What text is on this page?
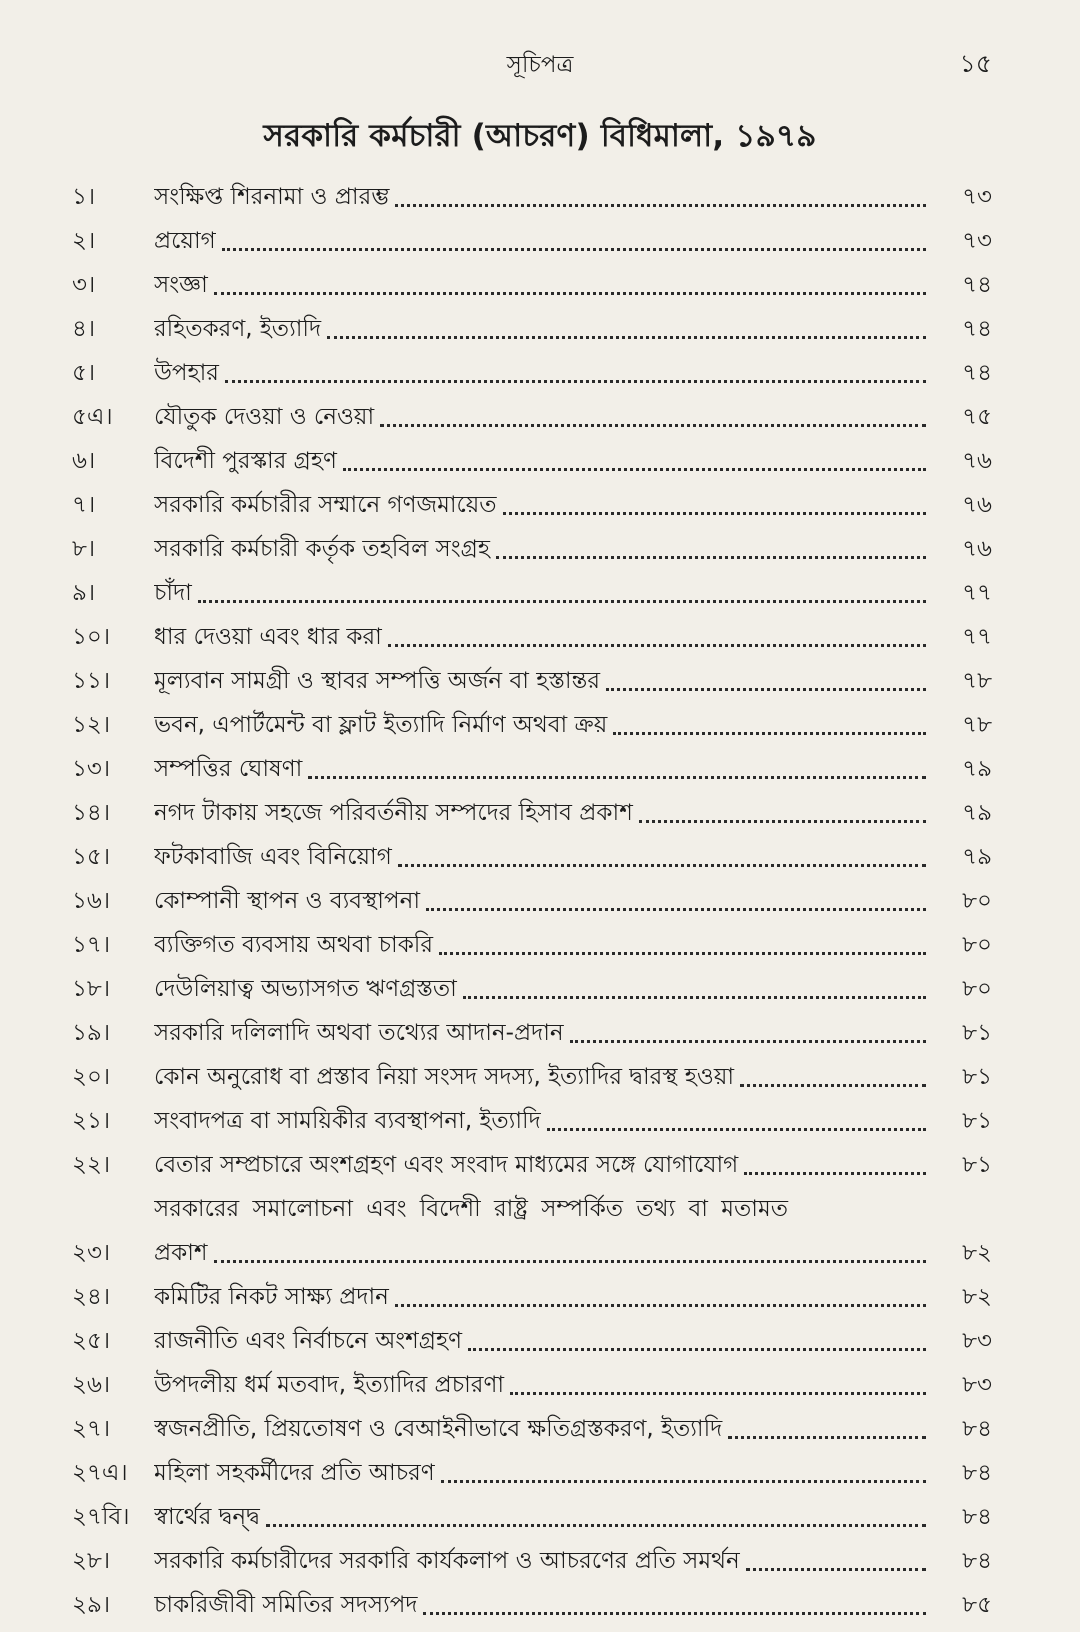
সূচিপত্র	১৫
সরকারি কর্মচারী (আচরণ) বিধিমালা, ১৯৭৯
১।	সংক্ষিপ্ত শিরনামা ও প্রারম্ভ	৭৩
২।	প্রয়োগ	৭৩
৩।	সংজ্ঞা	৭৪
৪।	রহিতকরণ, ইত্যাদি	৭৪
৫।	উপহার	৭৪
৫এ।	যৌতুক দেওয়া ও নেওয়া	৭৫
৬।	বিদেশী পুরস্কার গ্রহণ	৭৬
৭।	সরকারি কর্মচারীর সম্মানে গণজমায়েত	৭৬
৮।	সরকারি কর্মচারী কর্তৃক তহবিল সংগ্রহ	৭৬
৯।	চাঁদা	৭৭
১০।	ধার দেওয়া এবং ধার করা	৭৭
১১।	মূল্যবান সামগ্রী ও স্থাবর সম্পত্তি অর্জন বা হস্তান্তর	৭৮
১২।	ভবন, এপার্টমেন্ট বা ফ্লাট ইত্যাদি নির্মাণ অথবা ক্রয়	৭৮
১৩।	সম্পত্তির ঘোষণা	৭৯
১৪।	নগদ টাকায় সহজে পরিবর্তনীয় সম্পদের হিসাব প্রকাশ	৭৯
১৫।	ফটকাবাজি এবং বিনিয়োগ	৭৯
১৬।	কোম্পানী স্থাপন ও ব্যবস্থাপনা	৮০
১৭।	ব্যক্তিগত ব্যবসায় অথবা চাকরি	৮০
১৮।	দেউলিয়াত্ব অভ্যাসগত ঋণগ্রস্ততা	৮০
১৯।	সরকারি দলিলাদি অথবা তথ্যের আদান-প্রদান	৮১
২০।	কোন অনুরোধ বা প্রস্তাব নিয়া সংসদ সদস্য, ইত্যাদির দ্বারস্থ হওয়া	৮১
২১।	সংবাদপত্র বা সাময়িকীর ব্যবস্থাপনা, ইত্যাদি	৮১
২২।	বেতার সম্প্রচারে অংশগ্রহণ এবং সংবাদ মাধ্যমের সঙ্গে যোগাযোগ	৮১
২৩।
সরকারের সমালোচনা এবং বিদেশী রাষ্ট্র সম্পর্কিত তথ্য বা মতামত
প্রকাশ	৮২
২৪।	কমিটির নিকট সাক্ষ্য প্রদান	৮২
২৫।	রাজনীতি এবং নির্বাচনে অংশগ্রহণ	৮৩
২৬।	উপদলীয় ধর্ম মতবাদ, ইত্যাদির প্রচারণা	৮৩
২৭।	স্বজনপ্রীতি, প্রিয়তোষণ ও বেআইনীভাবে ক্ষতিগ্রস্তকরণ, ইত্যাদি	৮৪
২৭এ।	মহিলা সহকর্মীদের প্রতি আচরণ	৮৪
২৭বি।	স্বার্থের দ্বন্দ্ব	৮৪
২৮।	সরকারি কর্মচারীদের সরকারি কার্যকলাপ ও আচরণের প্রতি সমর্থন	৮৪
২৯।	চাকরিজীবী সমিতির সদস্যপদ	৮৫
